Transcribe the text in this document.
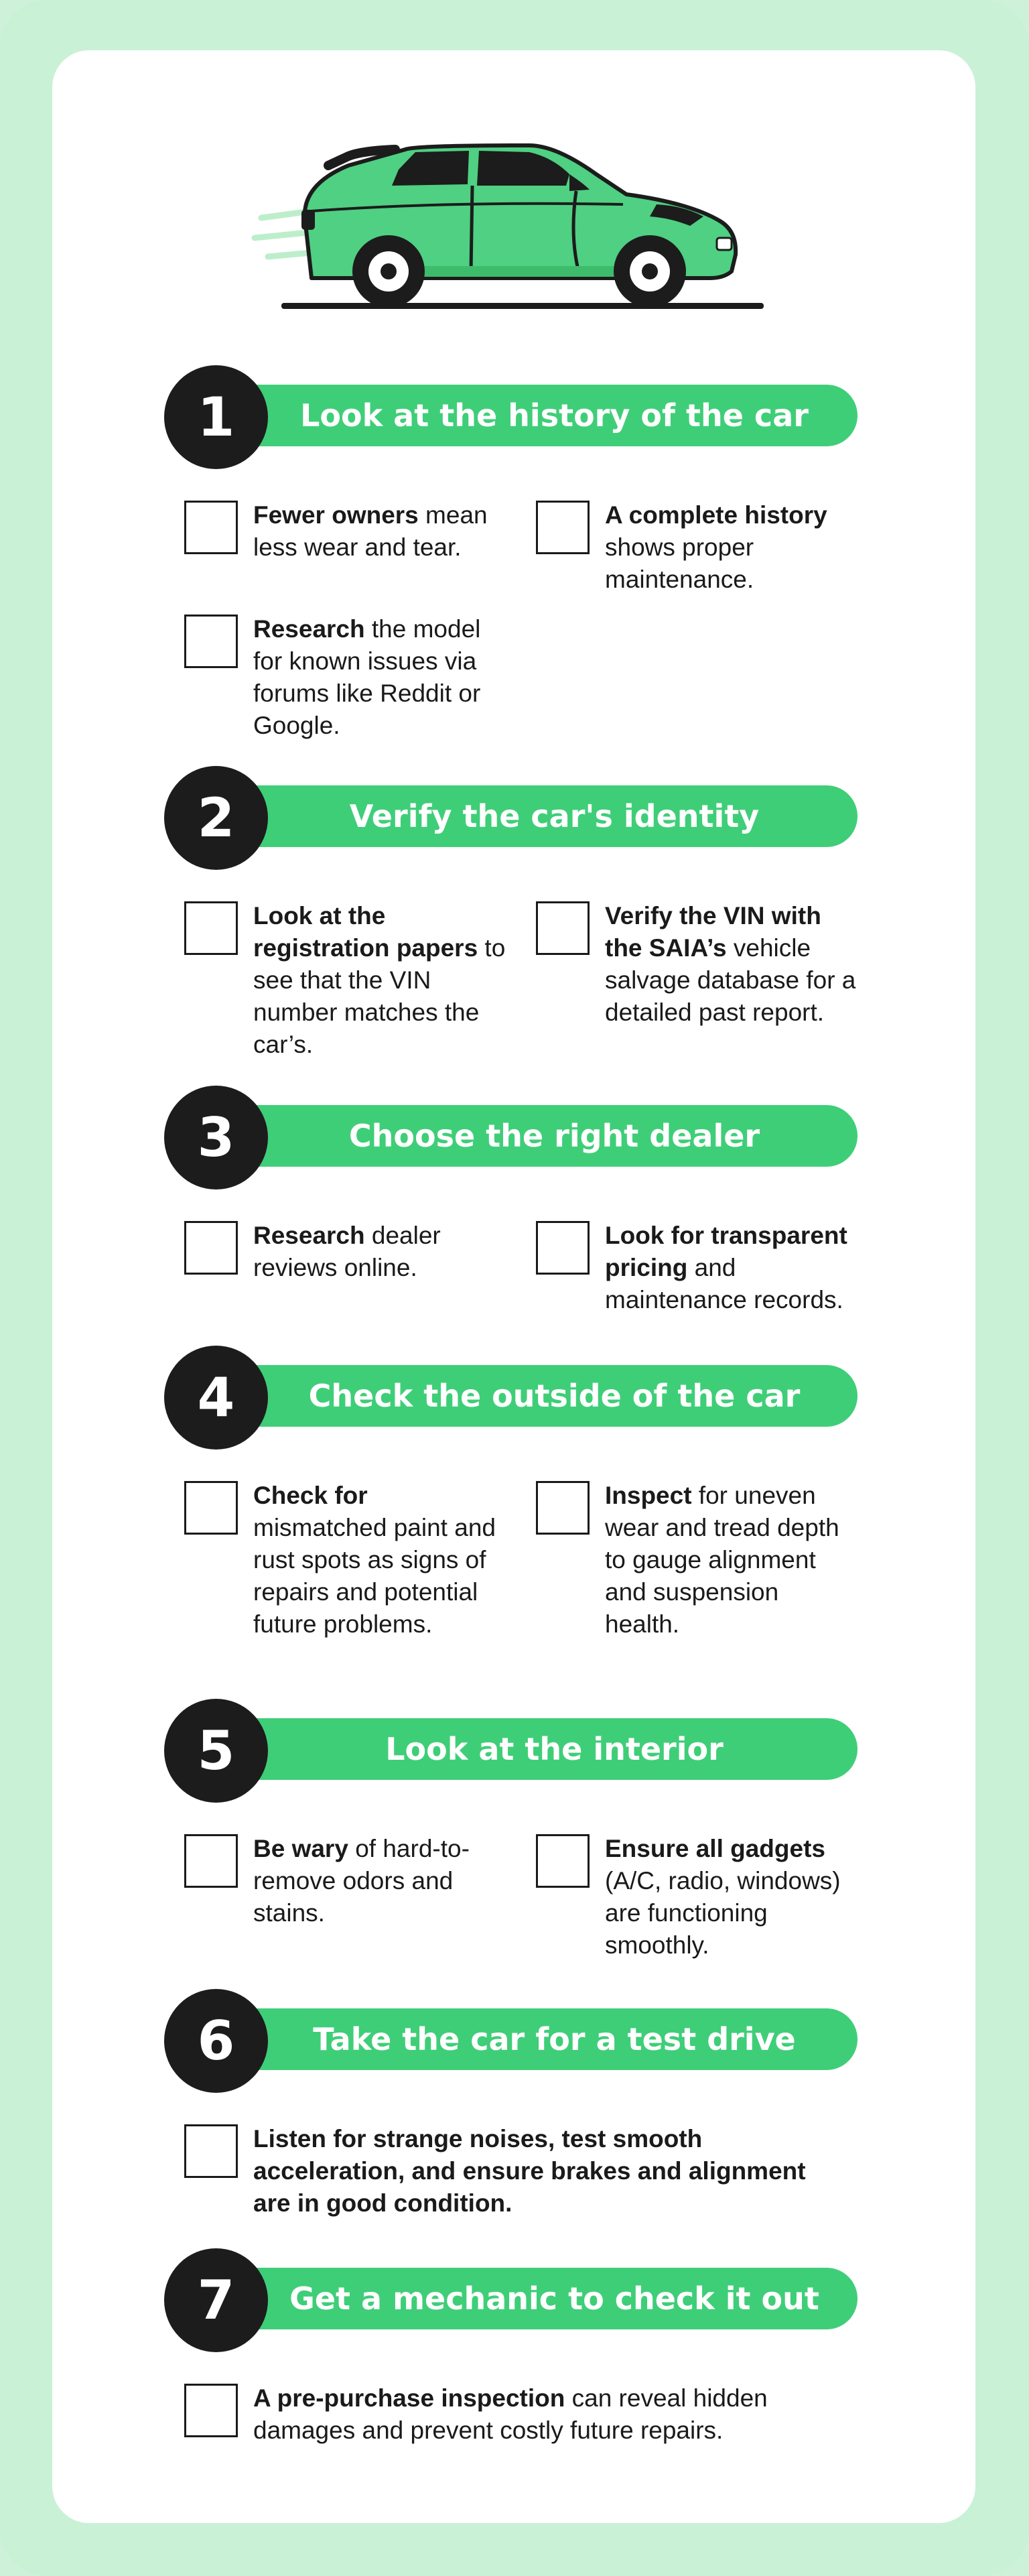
Look at the history of the car
1
Fewer owners mean less wear and tear.
A complete history shows proper maintenance.
Research the model for known issues via forums like Reddit or Google.
Verify the car's identity
2
Look at the registration papers to see that the VIN number matches the car’s.
Verify the VIN with the SAIA’s vehicle salvage database for a detailed past report.
Choose the right dealer
3
Research dealer reviews online.
Look for transparent pricing and maintenance records.
Check the outside of the car
4
Check for mismatched paint and rust spots as signs of repairs and potential future problems.
Inspect for uneven wear and tread depth to gauge alignment and suspension health.
Look at the interior
5
Be wary of hard-to-remove odors and stains.
Ensure all gadgets (A/C, radio, windows) are functioning smoothly.
Take the car for a test drive
6
Listen for strange noises, test smooth acceleration, and ensure brakes and alignment are in good condition.
Get a mechanic to check it out
7
A pre-purchase inspection can reveal hidden damages and prevent costly future repairs.
